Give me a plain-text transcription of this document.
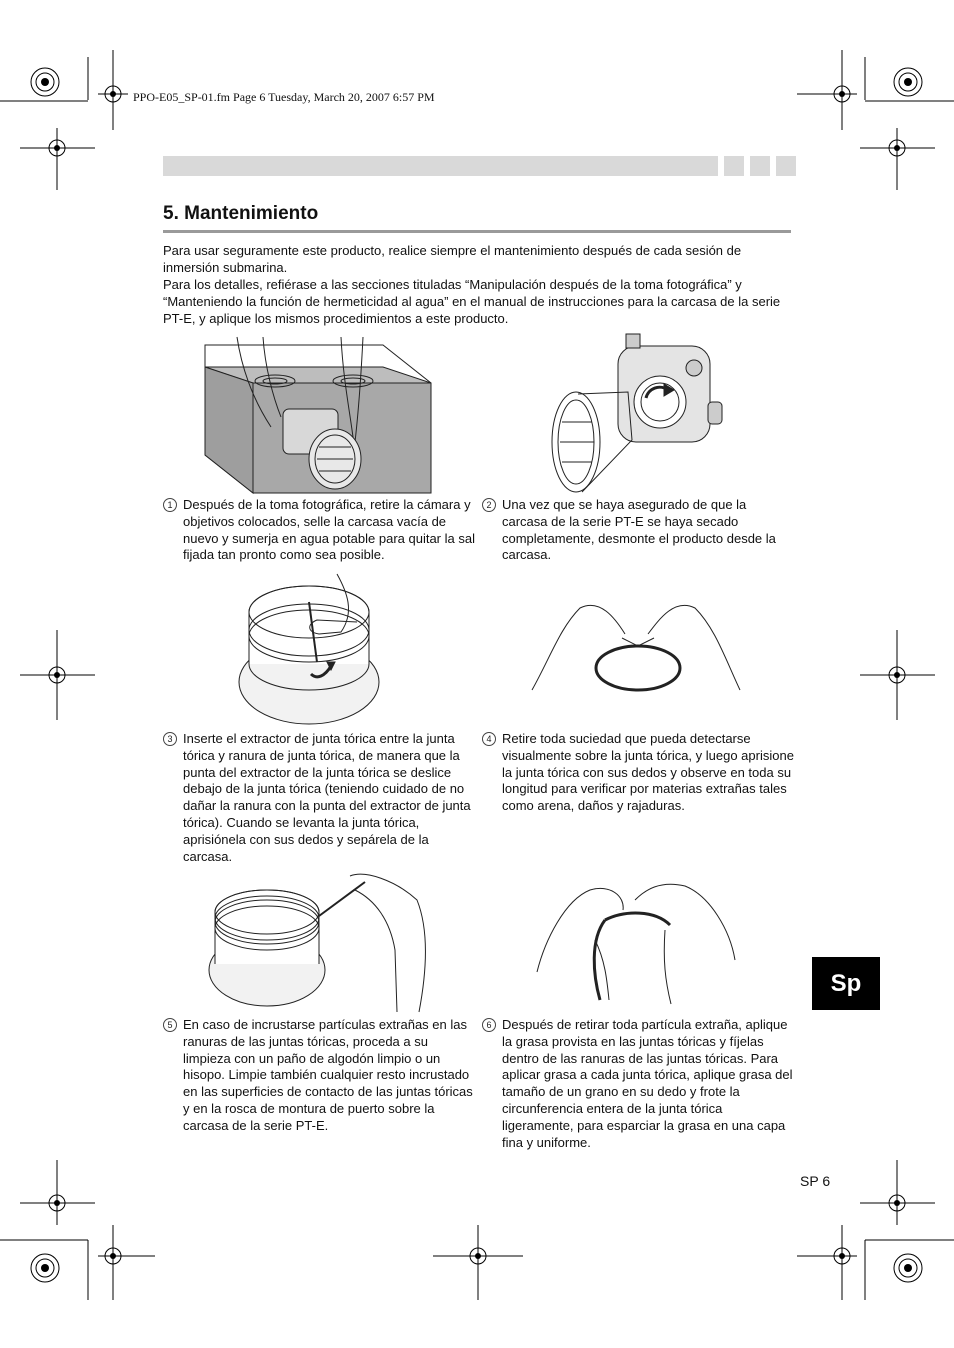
PPO-E05_SP-01.fm Page 6 Tuesday, March 20, 2007 6:57 PM
5. Mantenimiento

Para usar seguramente este producto, realice siempre el mantenimiento después de cada sesión de inmersión submarina.

Para los detalles, refiérase a las secciones tituladas “Manipulación después de la toma fotográfica” y “Manteniendo la función de hermeticidad al agua” en el manual de instrucciones para la carcasa de la serie PT-E, y aplique los mismos procedimientos a este producto.

1 Después de la toma fotográfica, retire la cámara y objetivos colocados, selle la carcasa vacía de nuevo y sumerja en agua potable para quitar la sal fijada tan pronto como sea posible.
2 Una vez que se haya asegurado de que la carcasa de la serie PT-E se haya secado completamente, desmonte el producto desde la carcasa.
3 Inserte el extractor de junta tórica entre la junta tórica y ranura de junta tórica, de manera que la punta del extractor de la junta tórica se deslice debajo de la junta tórica (teniendo cuidado de no dañar la ranura con la punta del extractor de junta tórica). Cuando se levanta la junta tórica, aprisiónela con sus dedos y sepárela de la carcasa.
4 Retire toda suciedad que pueda detectarse visualmente sobre la junta tórica, y luego aprisione la junta tórica con sus dedos y observe en toda su longitud para verificar por materias extrañas tales como arena, daños y rajaduras.
5 En caso de incrustarse partículas extrañas en las ranuras de las juntas tóricas, proceda a su limpieza con un paño de algodón limpio o un hisopo. Limpie también cualquier resto incrustado en las superficies de contacto de las juntas tóricas y en la rosca de montura de puerto sobre la carcasa de la serie PT-E.
6 Después de retirar toda partícula extraña, aplique la grasa provista en las juntas tóricas y fíjelas dentro de las ranuras de las juntas tóricas. Para aplicar grasa a cada junta tórica, aplique grasa del tamaño de un grano en su dedo y frote la circunferencia entera de la junta tórica ligeramente, para esparciar la grasa en una capa fina y uniforme.
Sp
SP 6
